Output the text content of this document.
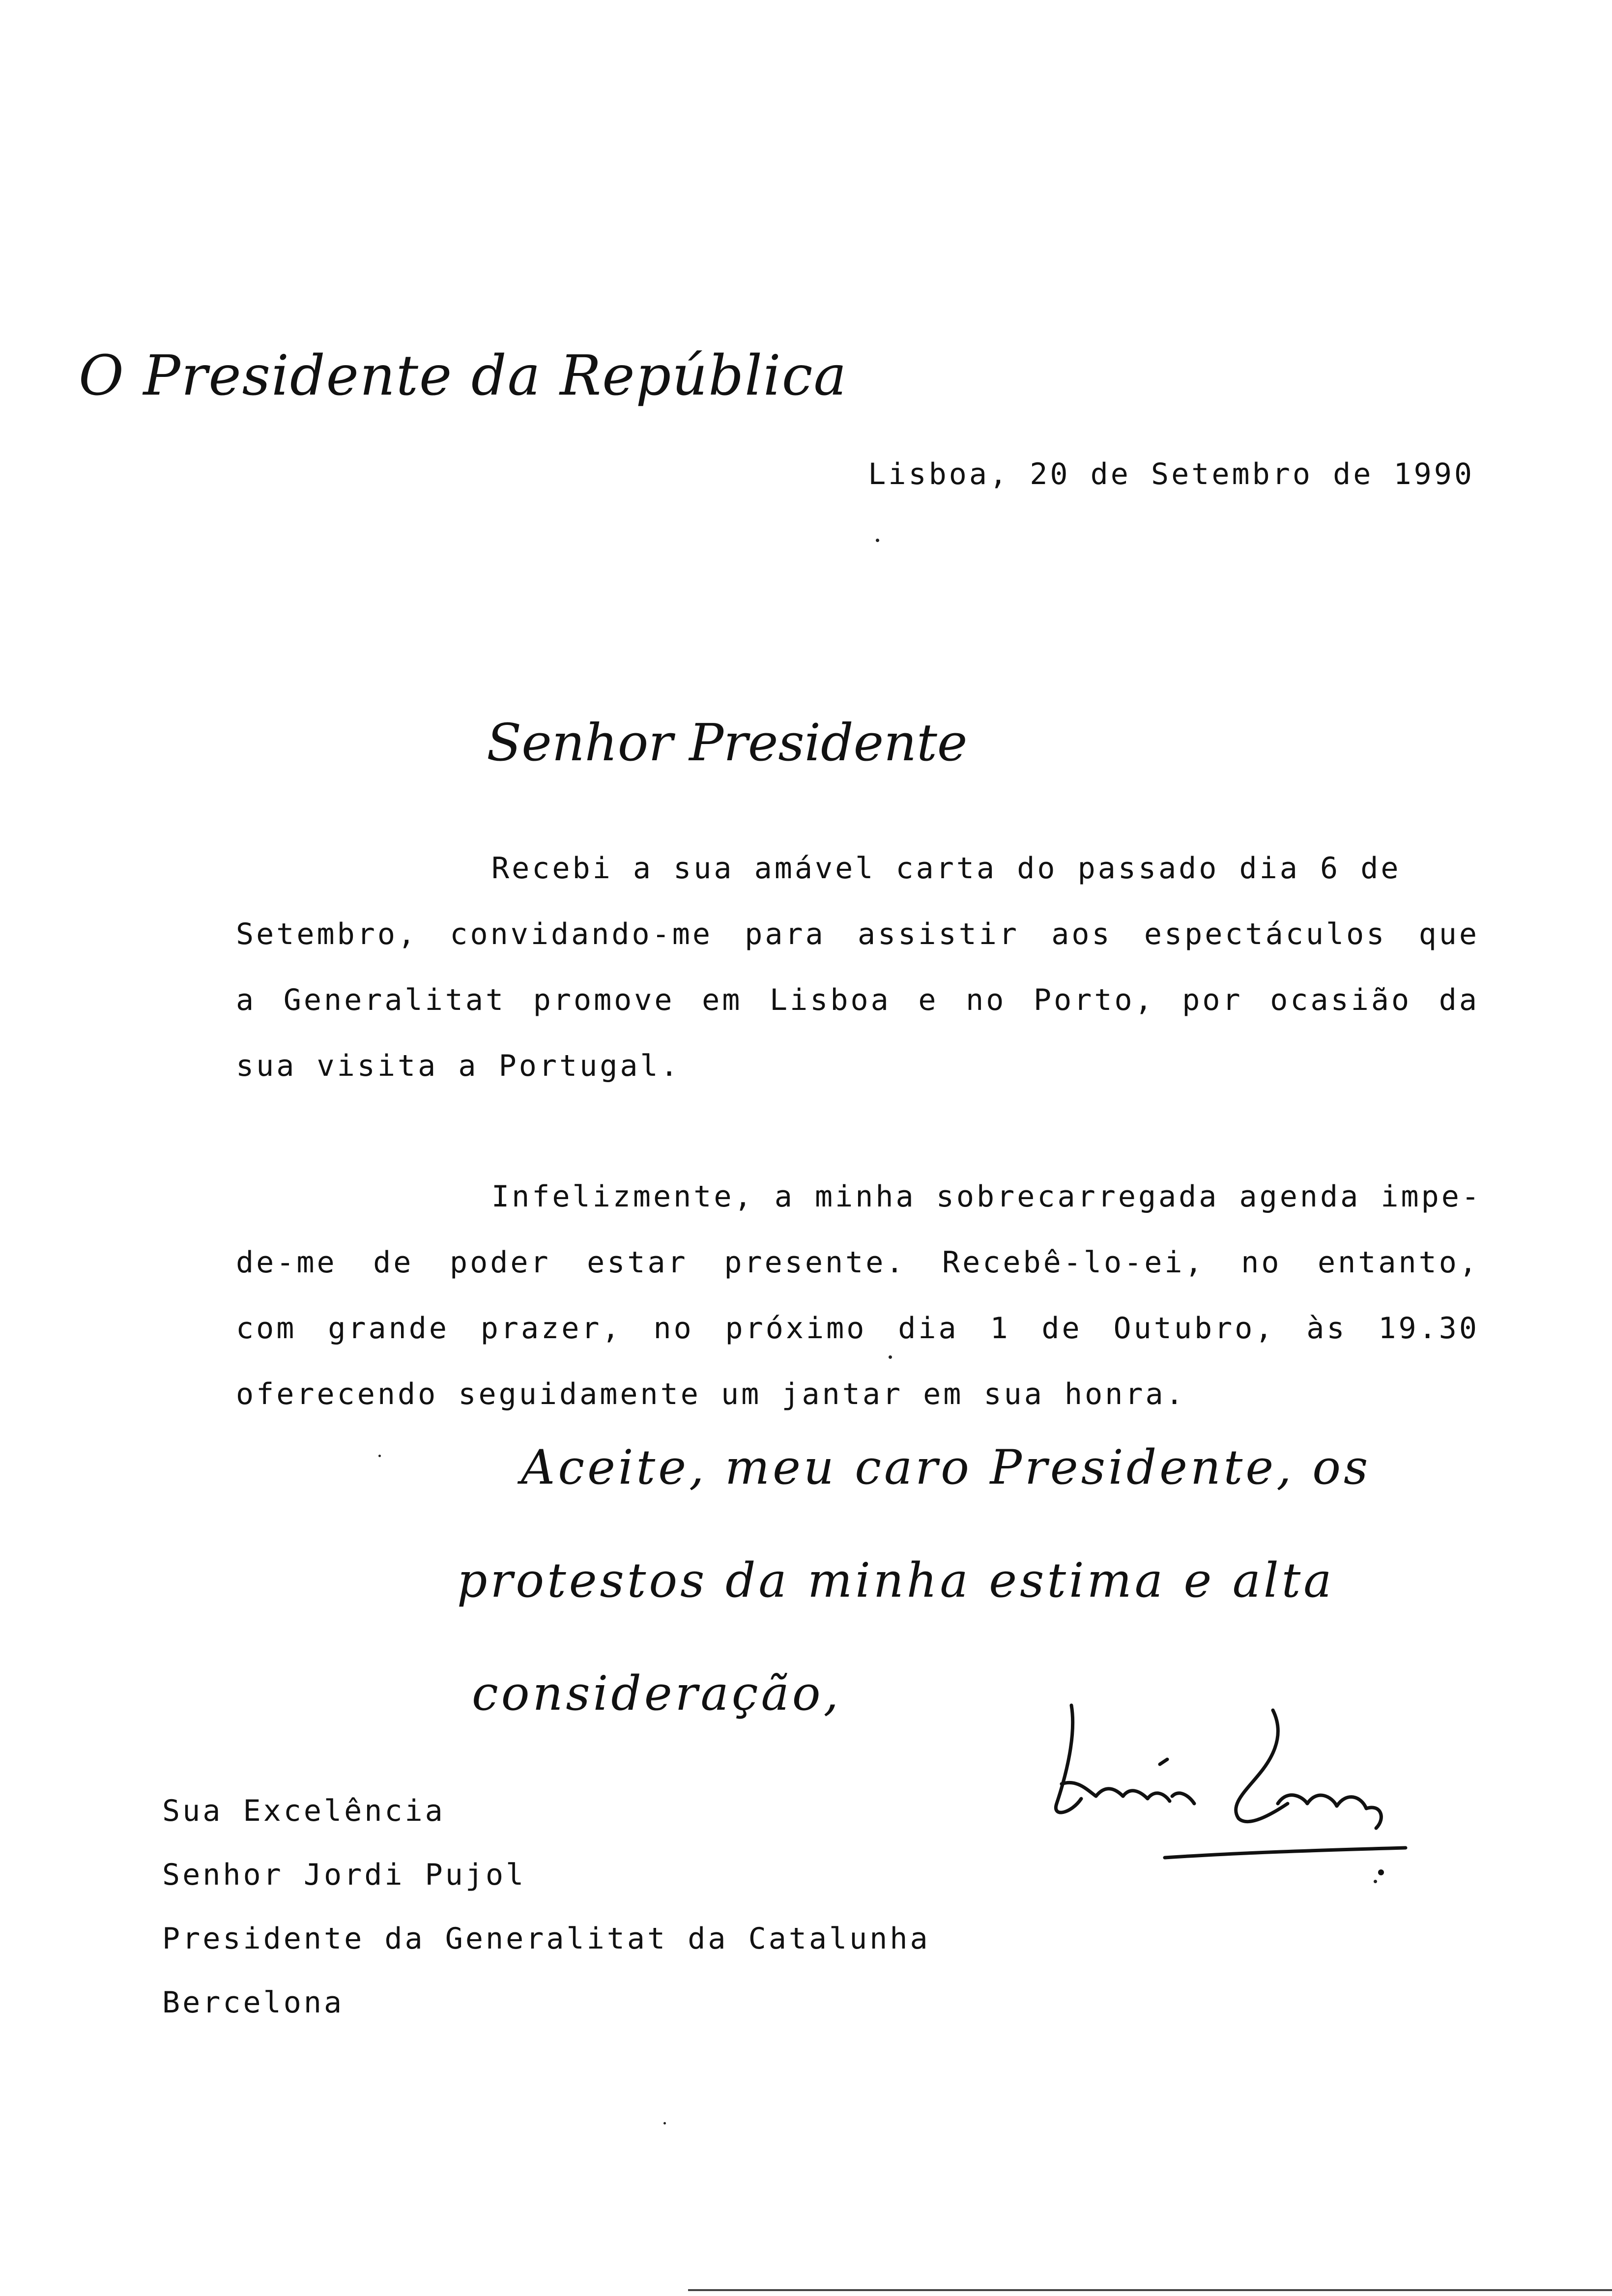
O Presidente da República
Lisboa, 20 de Setembro de 1990
Senhor Presidente
Recebi a sua amável carta do passado dia 6 de
Setembro, convidando-me para assistir aos espectáculos que
a Generalitat promove em Lisboa e no Porto, por ocasião da
sua visita a Portugal.
Infelizmente, a minha sobrecarregada agenda impe-
de-me de poder estar presente. Recebê-lo-ei, no entanto,
com grande prazer, no próximo dia 1 de Outubro, às 19.30
oferecendo seguidamente um jantar em sua honra.
Aceite, meu caro Presidente, os
protestos da minha estima e alta
consideração,
Sua Excelência
Senhor Jordi Pujol
Presidente da Generalitat da Catalunha
Bercelona
